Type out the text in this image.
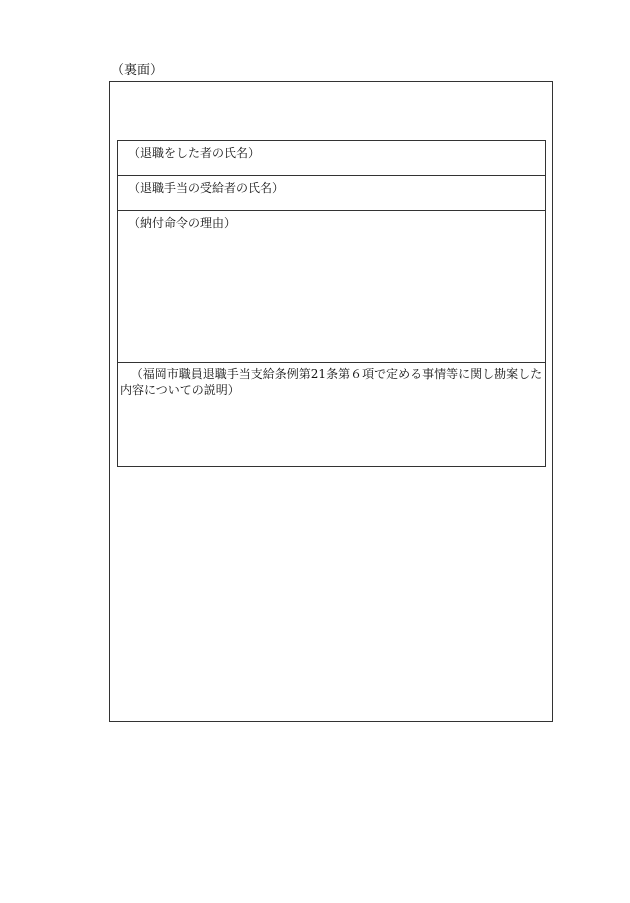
（裏面）
（退職をした者の氏名）
（退職手当の受給者の氏名）
（納付命令の理由）
（福岡市職員退職手当支給条例第21条第６項で定める事情等に関し勘案した内容についての説明）
